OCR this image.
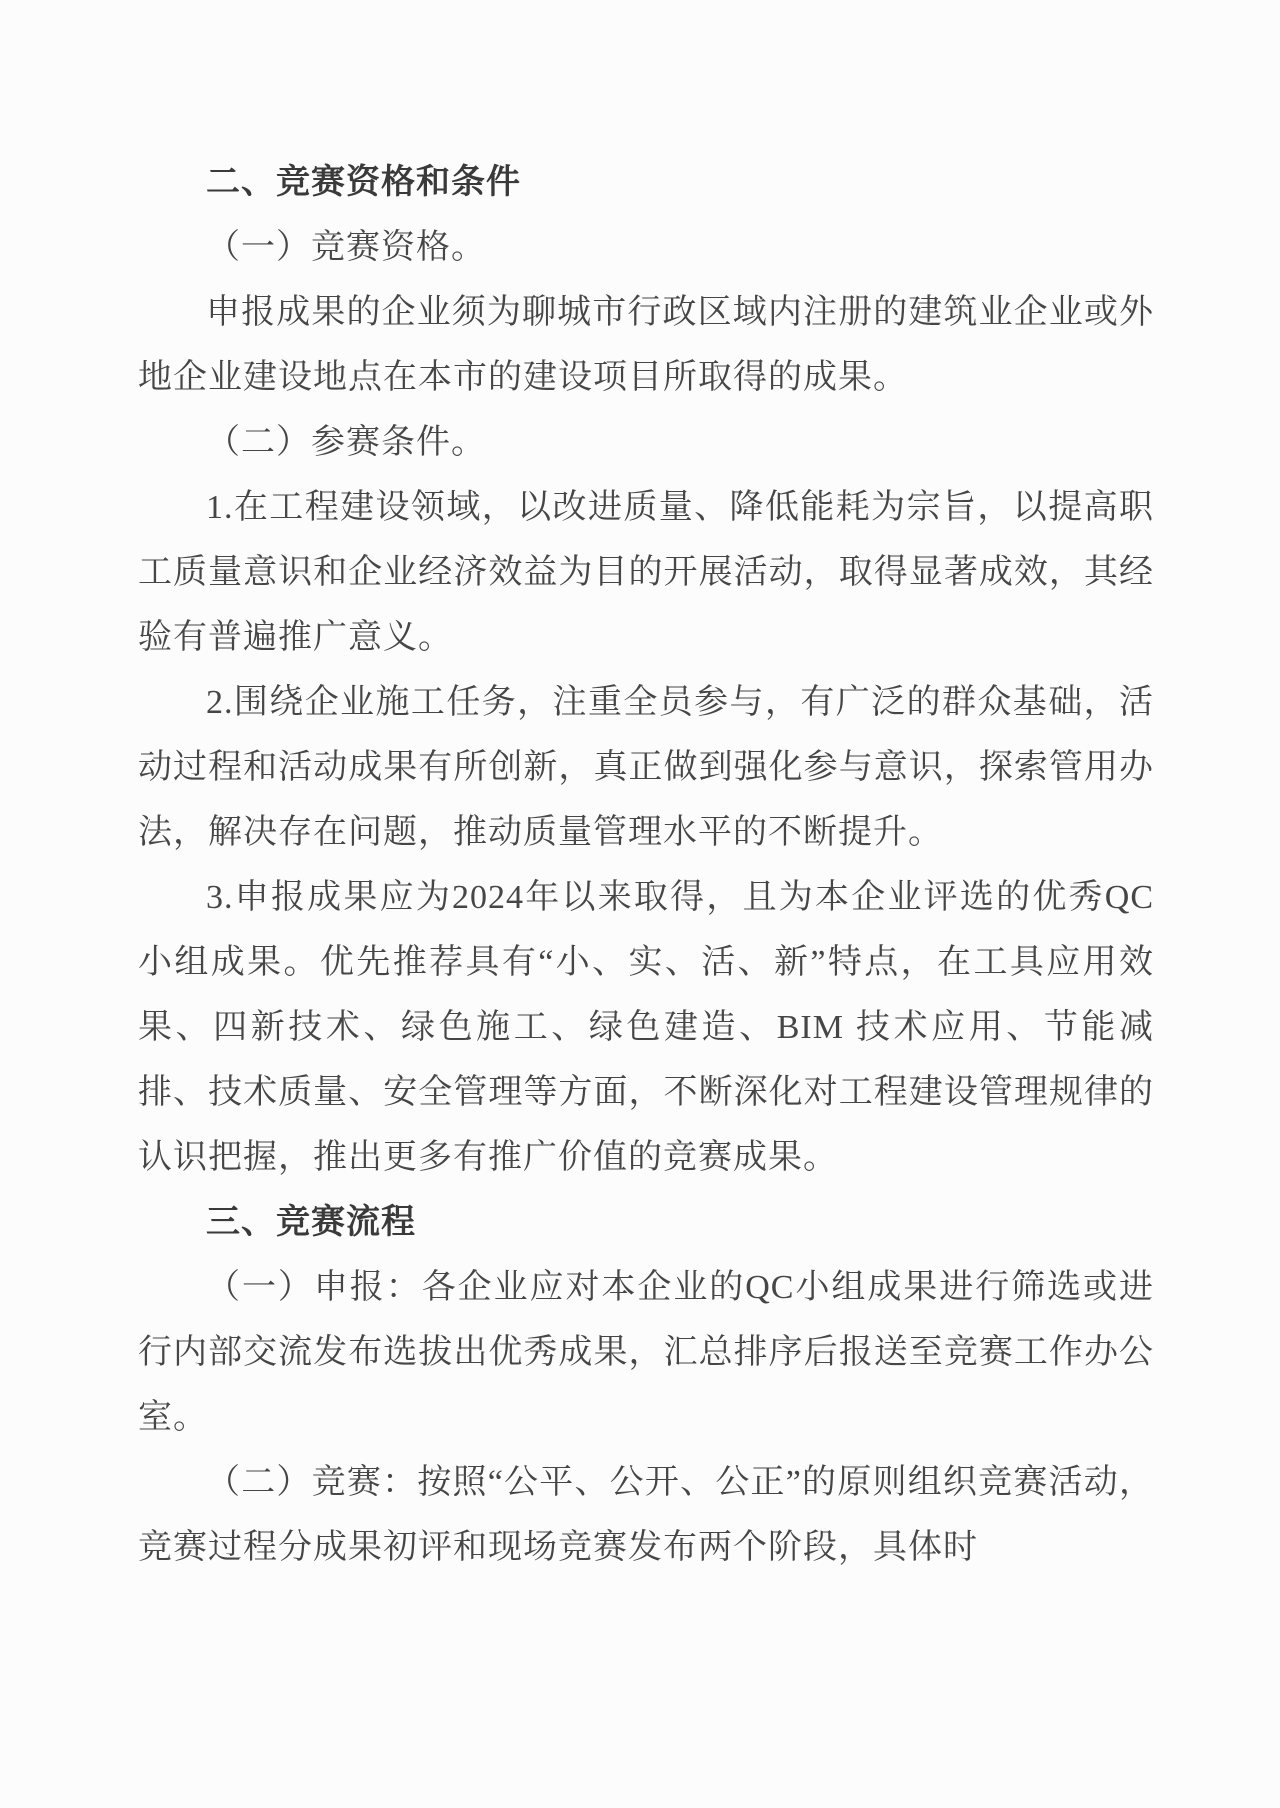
二、竞赛资格和条件

（一）竞赛资格。

申报成果的企业须为聊城市行政区域内注册的建筑业企业或外地企业建设地点在本市的建设项目所取得的成果。

（二）参赛条件。

1.在工程建设领域，以改进质量、降低能耗为宗旨，以提高职工质量意识和企业经济效益为目的开展活动，取得显著成效，其经验有普遍推广意义。

2.围绕企业施工任务，注重全员参与，有广泛的群众基础，活动过程和活动成果有所创新，真正做到强化参与意识，探索管用办法，解决存在问题，推动质量管理水平的不断提升。

3.申报成果应为2024年以来取得，且为本企业评选的优秀QC小组成果。优先推荐具有“小、实、活、新”特点，在工具应用效果、四新技术、绿色施工、绿色建造、BIM 技术应用、节能减排、技术质量、安全管理等方面，不断深化对工程建设管理规律的认识把握，推出更多有推广价值的竞赛成果。

三、竞赛流程

（一）申报：各企业应对本企业的QC小组成果进行筛选或进行内部交流发布选拔出优秀成果，汇总排序后报送至竞赛工作办公室。

（二）竞赛：按照“公平、公开、公正”的原则组织竞赛活动，竞赛过程分成果初评和现场竞赛发布两个阶段，具体时
